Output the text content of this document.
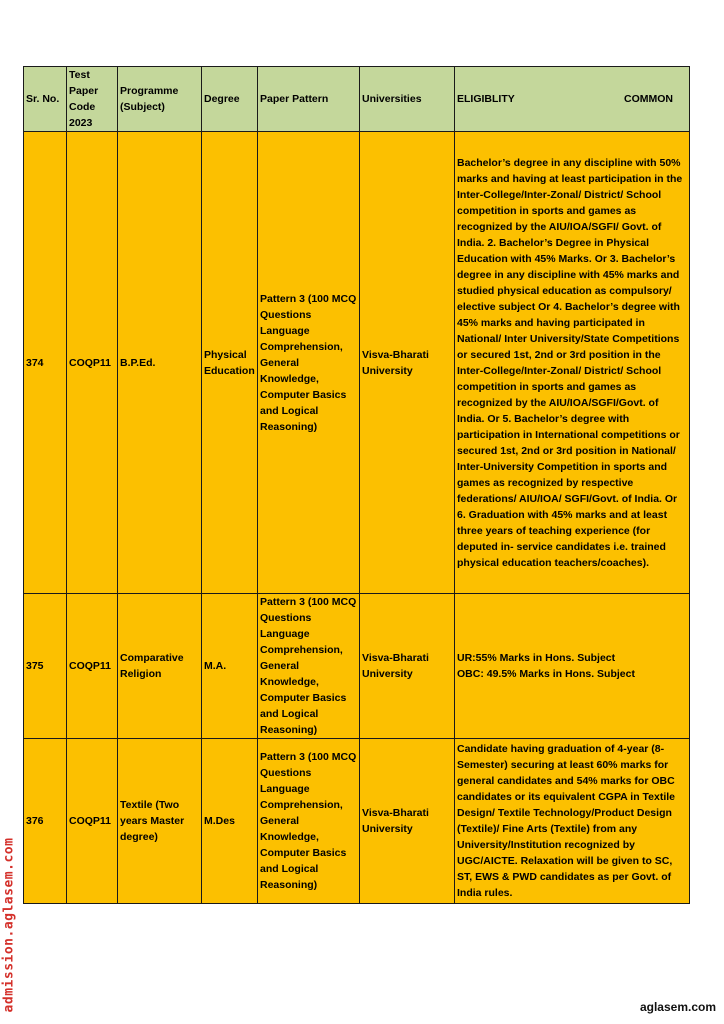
Sr. No.	Test Paper Code 2023	Programme (Subject)	Degree	Paper Pattern	Universities	ELIGIBLITY COMMON

374	COQP11	B.P.Ed.	Physical Education	Pattern 3 (100 MCQ Questions Language Comprehension, General Knowledge, Computer Basics and Logical Reasoning)	Visva-Bharati University	Bachelor’s degree in any discipline with 50% marks and having at least participation in the Inter-College/Inter-Zonal/ District/ School competition in sports and games as recognized by the AIU/IOA/SGFI/ Govt. of India. 2. Bachelor’s Degree in Physical Education with 45% Marks. Or 3. Bachelor’s degree in any discipline with 45% marks and studied physical education as compulsory/ elective subject Or 4. Bachelor’s degree with 45% marks and having participated in National/ Inter University/State Competitions or secured 1st, 2nd or 3rd position in the Inter-College/Inter-Zonal/ District/ School competition in sports and games as recognized by the AIU/IOA/SGFI/Govt. of India. Or 5. Bachelor’s degree with participation in International competitions or secured 1st, 2nd or 3rd position in National/ Inter-University Competition in sports and games as recognized by respective federations/ AIU/IOA/ SGFI/Govt. of India. Or 6. Graduation with 45% marks and at least three years of teaching experience (for deputed in- service candidates i.e. trained physical education teachers/coaches).
375	COQP11	Comparative Religion	M.A.	Pattern 3 (100 MCQ Questions Language Comprehension, General Knowledge, Computer Basics and Logical Reasoning)	Visva-Bharati University	UR:55% Marks in Hons. Subject
OBC: 49.5% Marks in Hons. Subject
376	COQP11	Textile (Two years Master degree)	M.Des	Pattern 3 (100 MCQ Questions Language Comprehension, General Knowledge, Computer Basics and Logical Reasoning)	Visva-Bharati University	Candidate having graduation of 4-year (8-Semester) securing at least 60% marks for general candidates and 54% marks for OBC candidates or its equivalent CGPA in Textile Design/ Textile Technology/Product Design (Textile)/ Fine Arts (Textile) from any University/Institution recognized by UGC/AICTE. Relaxation will be given to SC, ST, EWS & PWD candidates as per Govt. of India rules.
admission.aglasem.com	aglasem.com
